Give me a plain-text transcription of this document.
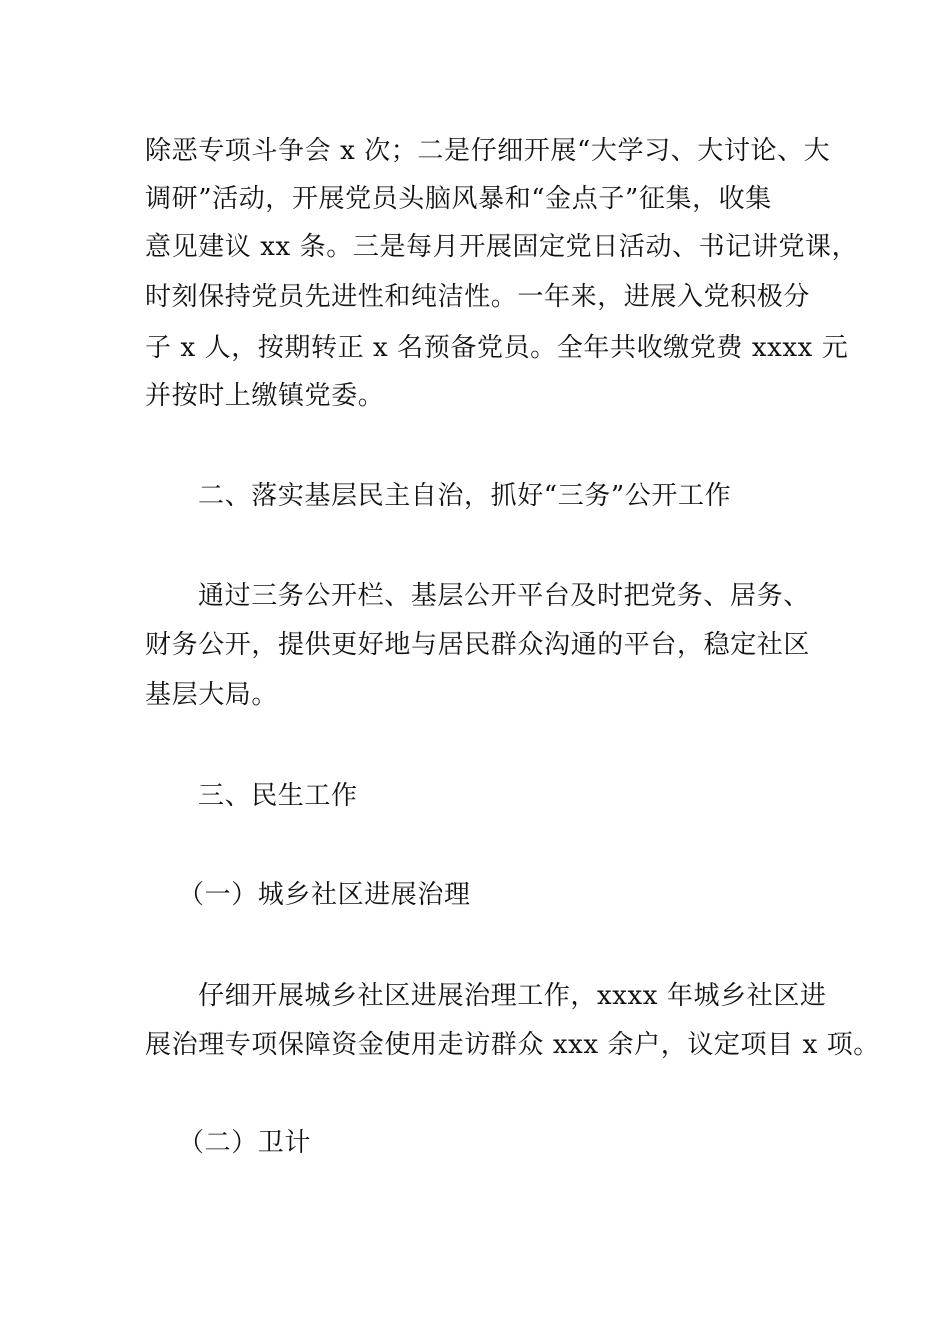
除恶专项斗争会 x 次；二是仔细开展“大学习、大讨论、大
调研”活动，开展党员头脑风暴和“金点子”征集，收集
意见建议 xx 条。三是每月开展固定党日活动、书记讲党课，
时刻保持党员先进性和纯洁性。一年来，进展入党积极分
子 x 人，按期转正 x 名预备党员。全年共收缴党费 xxxx 元
并按时上缴镇党委。
二、落实基层民主自治，抓好“三务”公开工作
通过三务公开栏、基层公开平台及时把党务、居务、
财务公开，提供更好地与居民群众沟通的平台，稳定社区
基层大局。
三、民生工作
（一）城乡社区进展治理
仔细开展城乡社区进展治理工作，xxxx 年城乡社区进
展治理专项保障资金使用走访群众 xxx 余户，议定项目 x 项。
（二）卫计
